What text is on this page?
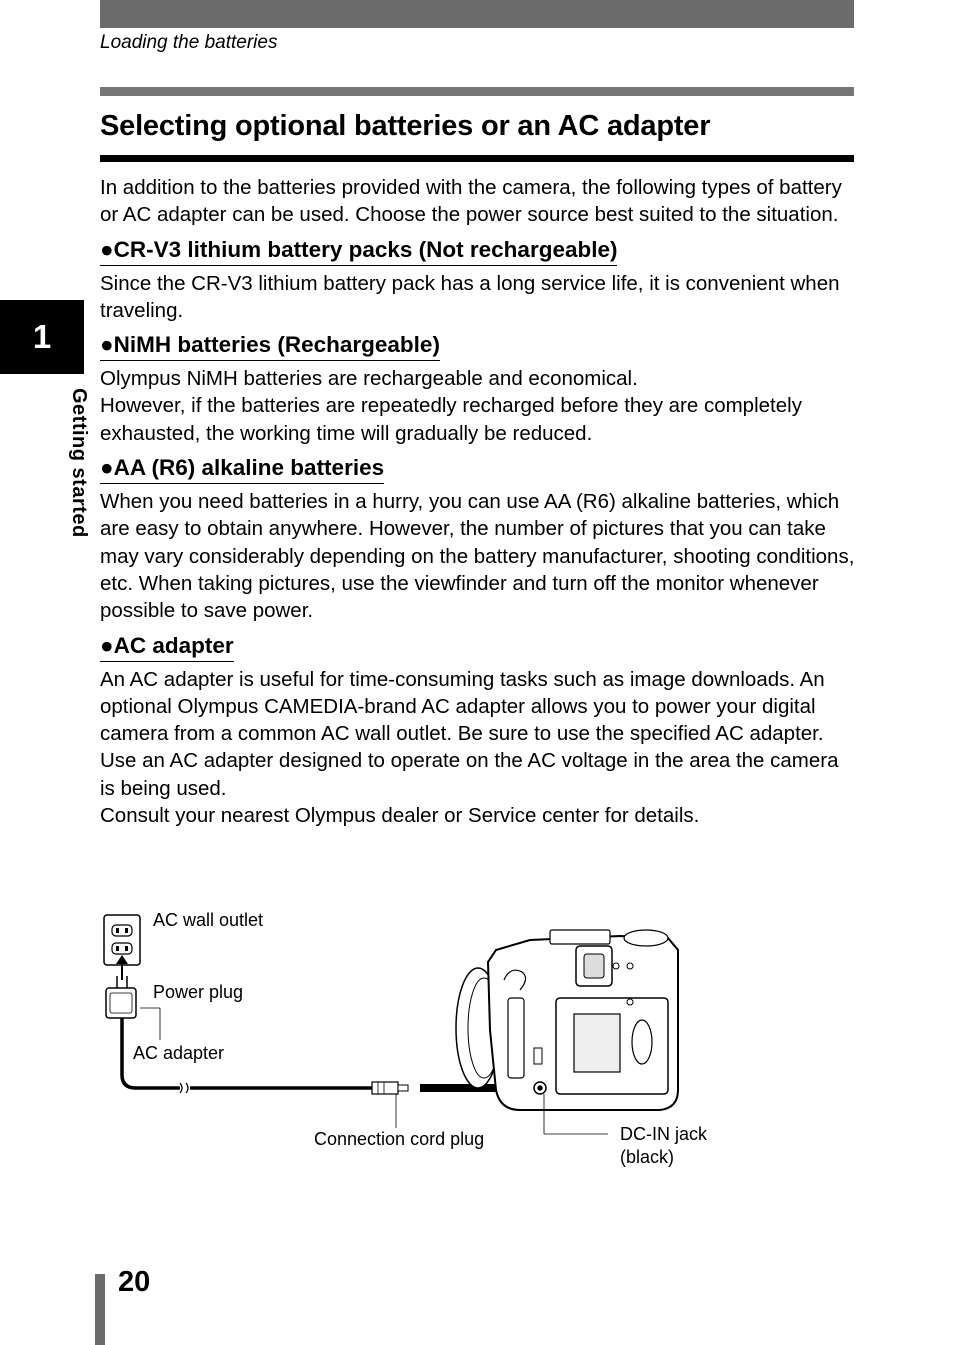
Loading the batteries
Selecting optional batteries or an AC adapter
1
Getting started

In addition to the batteries provided with the camera, the following types of battery or AC adapter can be used. Choose the power source best suited to the situation.

●CR-V3 lithium battery packs (Not rechargeable)

Since the CR-V3 lithium battery pack has a long service life, it is convenient when traveling.

●NiMH batteries (Rechargeable)

Olympus NiMH batteries are rechargeable and economical.

However, if the batteries are repeatedly recharged before they are completely exhausted, the working time will gradually be reduced.

●AA (R6) alkaline batteries

When you need batteries in a hurry, you can use AA (R6) alkaline batteries, which are easy to obtain anywhere. However, the number of pictures that you can take may vary considerably depending on the battery manufacturer, shooting conditions, etc. When taking pictures, use the viewfinder and turn off the monitor whenever possible to save power.

●AC adapter

An AC adapter is useful for time-consuming tasks such as image downloads. An optional Olympus CAMEDIA-brand AC adapter allows you to power your digital camera from a common AC wall outlet. Be sure to use the specified AC adapter.

Use an AC adapter designed to operate on the AC voltage in the area the camera is being used.

Consult your nearest Olympus dealer or Service center for details.

AC wall outlet
Power plug
AC adapter
Connection cord plug	DC-IN jack
(black)
20
